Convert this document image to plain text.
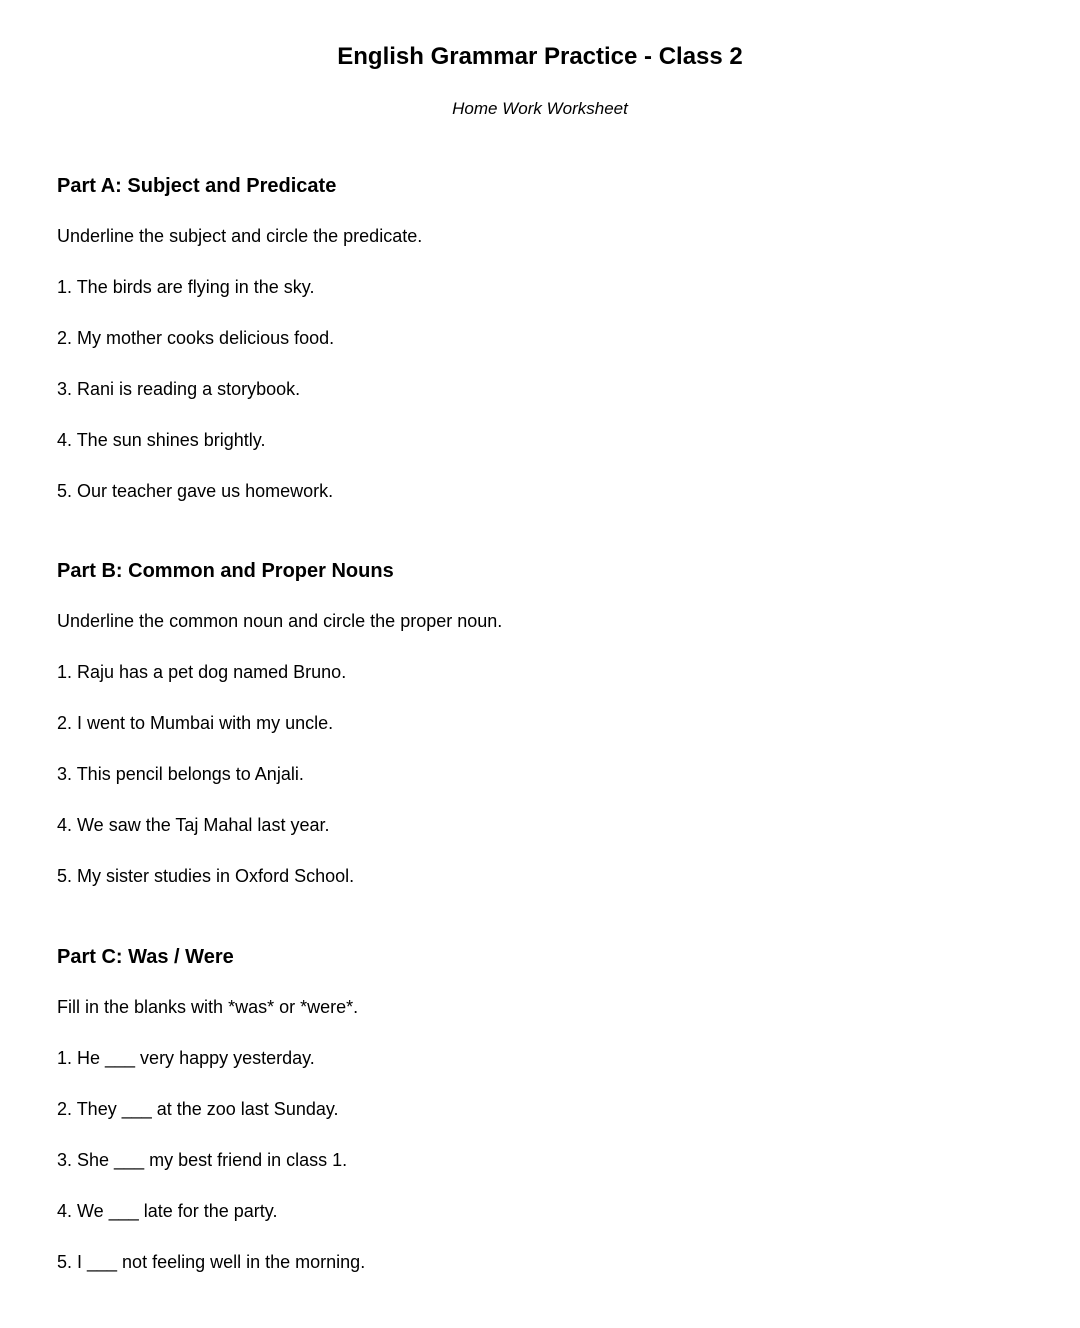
English Grammar Practice - Class 2
Home Work Worksheet
Part A: Subject and Predicate
Underline the subject and circle the predicate.
1. The birds are flying in the sky.
2. My mother cooks delicious food.
3. Rani is reading a storybook.
4. The sun shines brightly.
5. Our teacher gave us homework.
Part B: Common and Proper Nouns
Underline the common noun and circle the proper noun.
1. Raju has a pet dog named Bruno.
2. I went to Mumbai with my uncle.
3. This pencil belongs to Anjali.
4. We saw the Taj Mahal last year.
5. My sister studies in Oxford School.
Part C: Was / Were
Fill in the blanks with *was* or *were*.
1. He ___ very happy yesterday.
2. They ___ at the zoo last Sunday.
3. She ___ my best friend in class 1.
4. We ___ late for the party.
5. I ___ not feeling well in the morning.
